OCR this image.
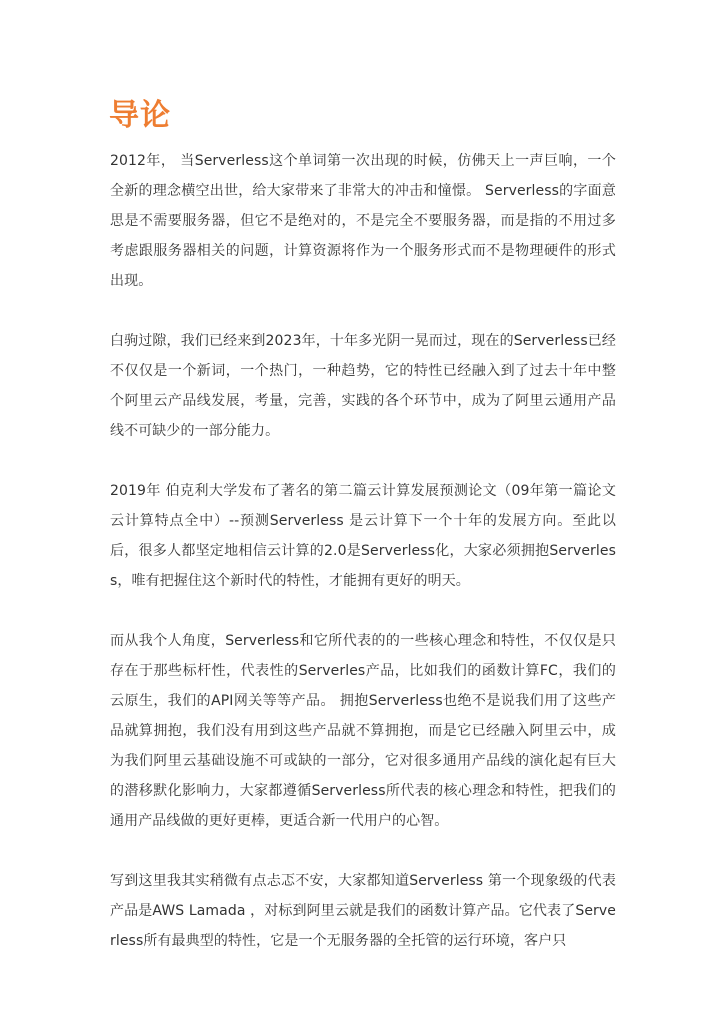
导论

2012年， 当Serverless这个单词第一次出现的时候，仿佛天上一声巨响，一个全新的理念横空出世，给大家带来了非常大的冲击和憧憬。 Serverless的字面意思是不需要服务器，但它不是绝对的，不是完全不要服务器，而是指的不用过多考虑跟服务器相关的问题，计算资源将作为一个服务形式而不是物理硬件的形式出现。

白驹过隙，我们已经来到2023年，十年多光阴一晃而过，现在的Serverless已经不仅仅是一个新词，一个热门，一种趋势，它的特性已经融入到了过去十年中整个阿里云产品线发展，考量，完善，实践的各个环节中，成为了阿里云通用产品线不可缺少的一部分能力。

2019年 伯克利大学发布了著名的第二篇云计算发展预测论文（09年第一篇论文云计算特点全中）--预测Serverless 是云计算下一个十年的发展方向。至此以后，很多人都坚定地相信云计算的2.0是Serverless化，大家必须拥抱Serverless，唯有把握住这个新时代的特性，才能拥有更好的明天。

而从我个人角度，Serverless和它所代表的的一些核心理念和特性，不仅仅是只存在于那些标杆性，代表性的Serverles产品，比如我们的函数计算FC，我们的云原生，我们的API网关等等产品。 拥抱Serverless也绝不是说我们用了这些产品就算拥抱，我们没有用到这些产品就不算拥抱，而是它已经融入阿里云中，成为我们阿里云基础设施不可或缺的一部分，它对很多通用产品线的演化起有巨大的潜移默化影响力，大家都遵循Serverless所代表的核心理念和特性，把我们的通用产品线做的更好更棒，更适合新一代用户的心智。

写到这里我其实稍微有点忐忑不安，大家都知道Serverless 第一个现象级的代表产品是AWS Lamada ，对标到阿里云就是我们的函数计算产品。它代表了Serverless所有最典型的特性，它是一个无服务器的全托管的运行环境，客户只
